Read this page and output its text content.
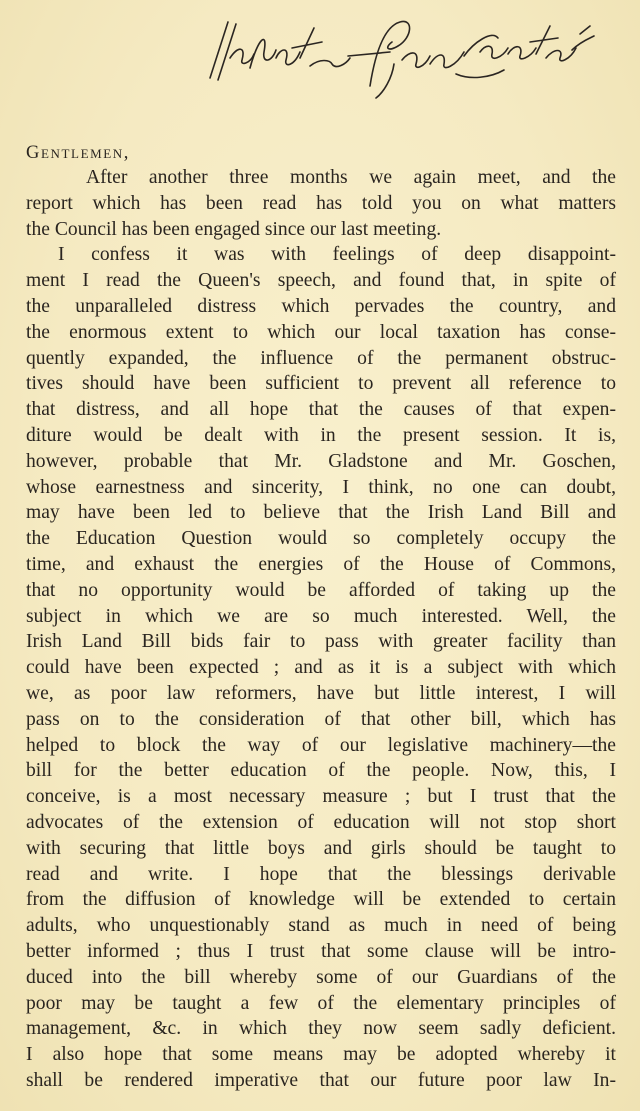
Gentlemen,
After another three months we again meet, and the
report which has been read has told you on what matters
the Council has been engaged since our last meeting.
I confess it was with feelings of deep disappoint-
ment I read the Queen's speech, and found that, in spite of
the unparalleled distress which pervades the country, and
the enormous extent to which our local taxation has conse-
quently expanded, the influence of the permanent obstruc-
tives should have been sufficient to prevent all reference to
that distress, and all hope that the causes of that expen-
diture would be dealt with in the present session. It is,
however, probable that Mr. Gladstone and Mr. Goschen,
whose earnestness and sincerity, I think, no one can doubt,
may have been led to believe that the Irish Land Bill and
the Education Question would so completely occupy the
time, and exhaust the energies of the House of Commons,
that no opportunity would be afforded of taking up the
subject in which we are so much interested. Well, the
Irish Land Bill bids fair to pass with greater facility than
could have been expected ; and as it is a subject with which
we, as poor law reformers, have but little interest, I will
pass on to the consideration of that other bill, which has
helped to block the way of our legislative machinery—the
bill for the better education of the people. Now, this, I
conceive, is a most necessary measure ; but I trust that the
advocates of the extension of education will not stop short
with securing that little boys and girls should be taught to
read and write. I hope that the blessings derivable
from the diffusion of knowledge will be extended to certain
adults, who unquestionably stand as much in need of being
better informed ; thus I trust that some clause will be intro-
duced into the bill whereby some of our Guardians of the
poor may be taught a few of the elementary principles of
management, &c. in which they now seem sadly deficient.
I also hope that some means may be adopted whereby it
shall be rendered imperative that our future poor law In-
